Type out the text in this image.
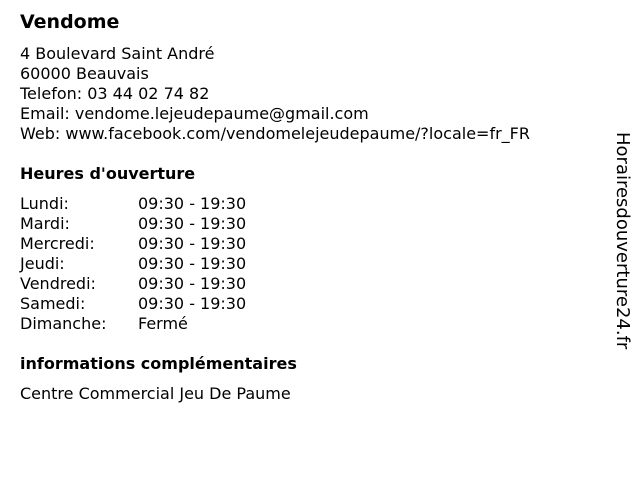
Vendome
4 Boulevard Saint André
60000 Beauvais
Telefon: 03 44 02 74 82
Email: vendome.lejeudepaume@gmail.com
Web: www.facebook.com/vendomelejeudepaume/?locale=fr_FR
Heures d'ouverture
Lundi:	09:30 - 19:30
Mardi:	09:30 - 19:30
Mercredi:	09:30 - 19:30
Jeudi:	09:30 - 19:30
Vendredi:	09:30 - 19:30
Samedi:	09:30 - 19:30
Dimanche: Fermé
informations complémentaires
Centre Commercial Jeu De Paume
Horairesdouverture24.fr
